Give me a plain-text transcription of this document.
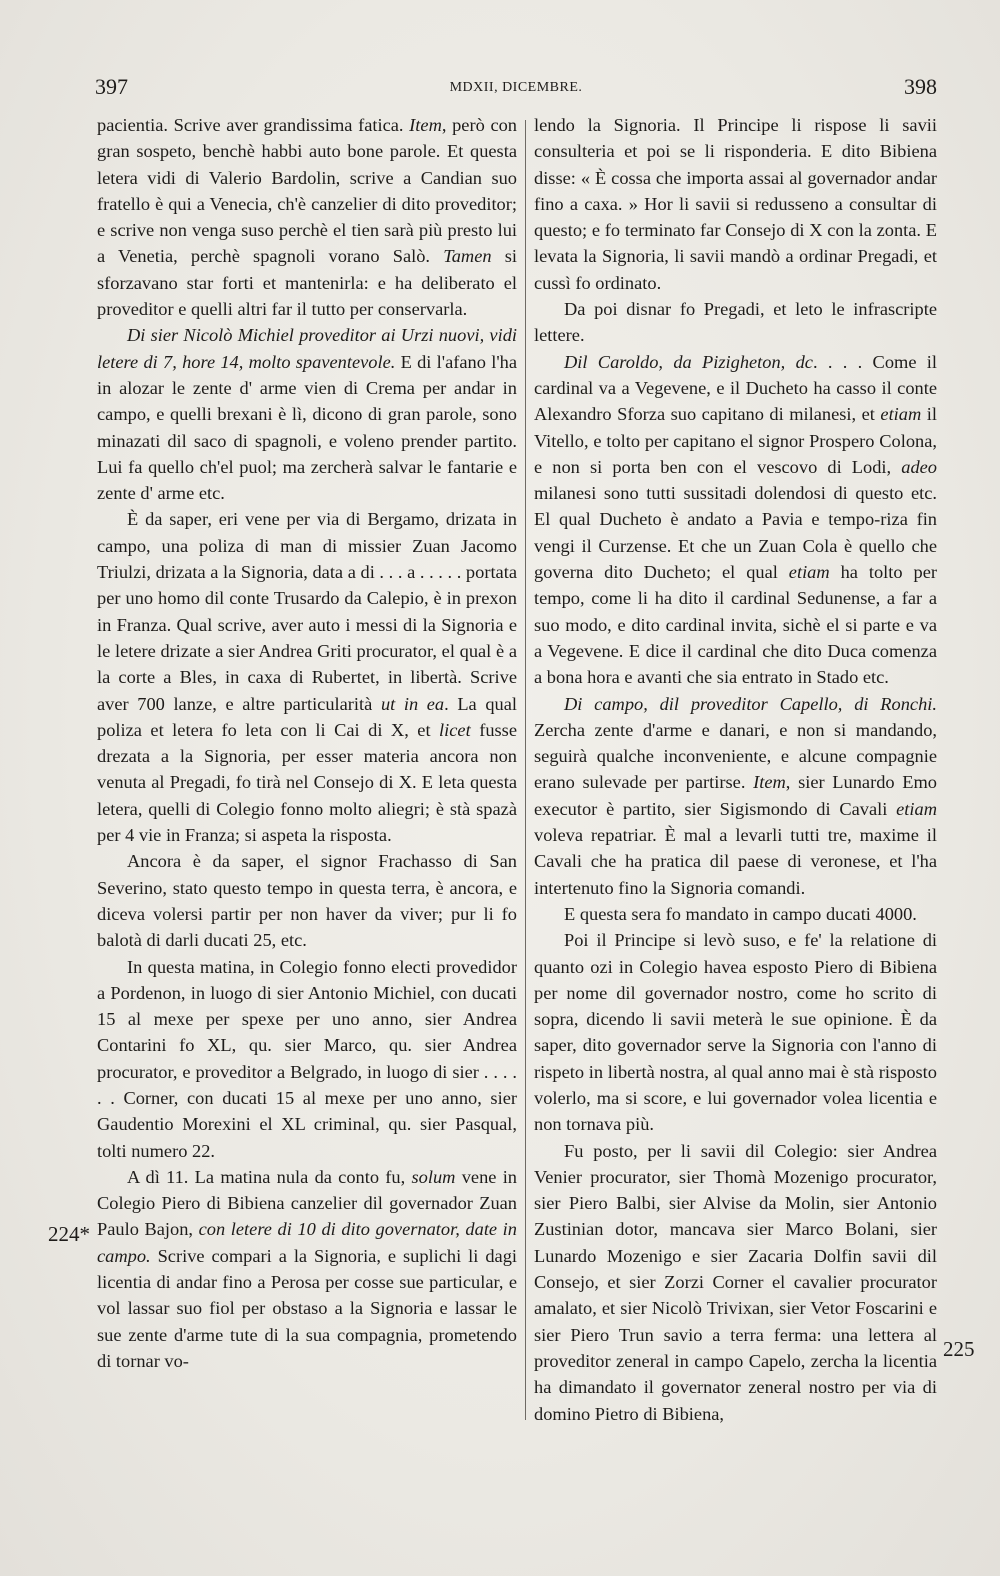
397	MDXII, DICEMBRE.	398

pacientia. Scrive aver grandissima fatica. Item, però con gran sospeto, benchè habbi auto bone parole. Et questa letera vidi di Valerio Bardolin, scrive a Candian suo fratello è qui a Venecia, ch'è canzelier di dito proveditor; e scrive non venga suso perchè el tien sarà più presto lui a Venetia, perchè spagnoli vorano Salò. Tamen si sforzavano star forti et mantenirla: e ha deliberato el proveditor e quelli altri far il tutto per conservarla.

Di sier Nicolò Michiel proveditor ai Urzi nuovi, vidi letere di 7, hore 14, molto spaventevole. E di l'afano l'ha in alozar le zente d' arme vien di Crema per andar in campo, e quelli brexani è lì, dicono di gran parole, sono minazati dil saco di spagnoli, e voleno prender partito. Lui fa quello ch'el puol; ma zercherà salvar le fantarie e zente d' arme etc.

È da saper, eri vene per via di Bergamo, drizata in campo, una poliza di man di missier Zuan Jacomo Triulzi, drizata a la Signoria, data a di . . . a . . . . . portata per uno homo dil conte Trusardo da Calepio, è in prexon in Franza. Qual scrive, aver auto i messi di la Signoria e le letere drizate a sier Andrea Griti procurator, el qual è a la corte a Bles, in caxa di Rubertet, in libertà. Scrive aver 700 lanze, e altre particularità ut in ea. La qual poliza et letera fo leta con li Cai di X, et licet fusse drezata a la Signoria, per esser materia ancora non venuta al Pregadi, fo tirà nel Consejo di X. E leta questa letera, quelli di Colegio fonno molto aliegri; è stà spazà per 4 vie in Franza; si aspeta la risposta.

Ancora è da saper, el signor Frachasso di San Severino, stato questo tempo in questa terra, è ancora, e diceva volersi partir per non haver da viver; pur li fo balotà di darli ducati 25, etc.

In questa matina, in Colegio fonno electi provedidor a Pordenon, in luogo di sier Antonio Michiel, con ducati 15 al mexe per spexe per uno anno, sier Andrea Contarini fo XL, qu. sier Marco, qu. sier Andrea procurator, e proveditor a Belgrado, in luogo di sier . . . . . . Corner, con ducati 15 al mexe per uno anno, sier Gaudentio Morexini el XL criminal, qu. sier Pasqual, tolti numero 22.

A dì 11. La matina nula da conto fu, solum vene in Colegio Piero di Bibiena canzelier dil governador Zuan Paulo Bajon, con letere di 10 di dito governator, date in campo. Scrive compari a la Signoria, e suplichi li dagi licentia di andar fino a Perosa per cosse sue particular, e vol lassar suo fiol per obstaso a la Signoria e lassar le sue zente d'arme tute di la sua compagnia, prometendo di tornar vo-

lendo la Signoria. Il Principe li rispose li savii consulteria et poi se li risponderia. E dito Bibiena disse: « È cossa che importa assai al governador andar fino a caxa. » Hor li savii si redusseno a consultar di questo; e fo terminato far Consejo di X con la zonta. E levata la Signoria, li savii mandò a ordinar Pregadi, et cussì fo ordinato.

Da poi disnar fo Pregadi, et leto le infrascripte lettere.

Dil Caroldo, da Pizigheton, dc. . . . Come il cardinal va a Vegevene, e il Ducheto ha casso il conte Alexandro Sforza suo capitano di milanesi, et etiam il Vitello, e tolto per capitano el signor Prospero Colona, e non si porta ben con el vescovo di Lodi, adeo milanesi sono tutti sussitadi dolendosi di questo etc. El qual Ducheto è andato a Pavia e tempo-riza fin vengi il Curzense. Et che un Zuan Cola è quello che governa dito Ducheto; el qual etiam ha tolto per tempo, come li ha dito il cardinal Sedunense, a far a suo modo, e dito cardinal invita, sichè el si parte e va a Vegevene. E dice il cardinal che dito Duca comenza a bona hora e avanti che sia entrato in Stado etc.

Di campo, dil proveditor Capello, di Ronchi. Zercha zente d'arme e danari, e non si mandando, seguirà qualche inconveniente, e alcune compagnie erano sulevade per partirse. Item, sier Lunardo Emo executor è partito, sier Sigismondo di Cavali etiam voleva repatriar. È mal a levarli tutti tre, maxime il Cavali che ha pratica dil paese di veronese, et l'ha intertenuto fino la Signoria comandi.

E questa sera fo mandato in campo ducati 4000.

Poi il Principe si levò suso, e fe' la relatione di quanto ozi in Colegio havea esposto Piero di Bibiena per nome dil governador nostro, come ho scrito di sopra, dicendo li savii meterà le sue opinione. È da saper, dito governador serve la Signoria con l'anno di rispeto in libertà nostra, al qual anno mai è stà risposto volerlo, ma si score, e lui governador volea licentia e non tornava più.

Fu posto, per li savii dil Colegio: sier Andrea Venier procurator, sier Thomà Mozenigo procurator, sier Piero Balbi, sier Alvise da Molin, sier Antonio Zustinian dotor, mancava sier Marco Bolani, sier Lunardo Mozenigo e sier Zacaria Dolfin savii dil Consejo, et sier Zorzi Corner el cavalier procurator amalato, et sier Nicolò Trivixan, sier Vetor Foscarini e sier Piero Trun savio a terra ferma: una lettera al proveditor zeneral in campo Capelo, zercha la licentia ha dimandato il governator zeneral nostro per via di domino Pietro di Bibiena,

224*
225
